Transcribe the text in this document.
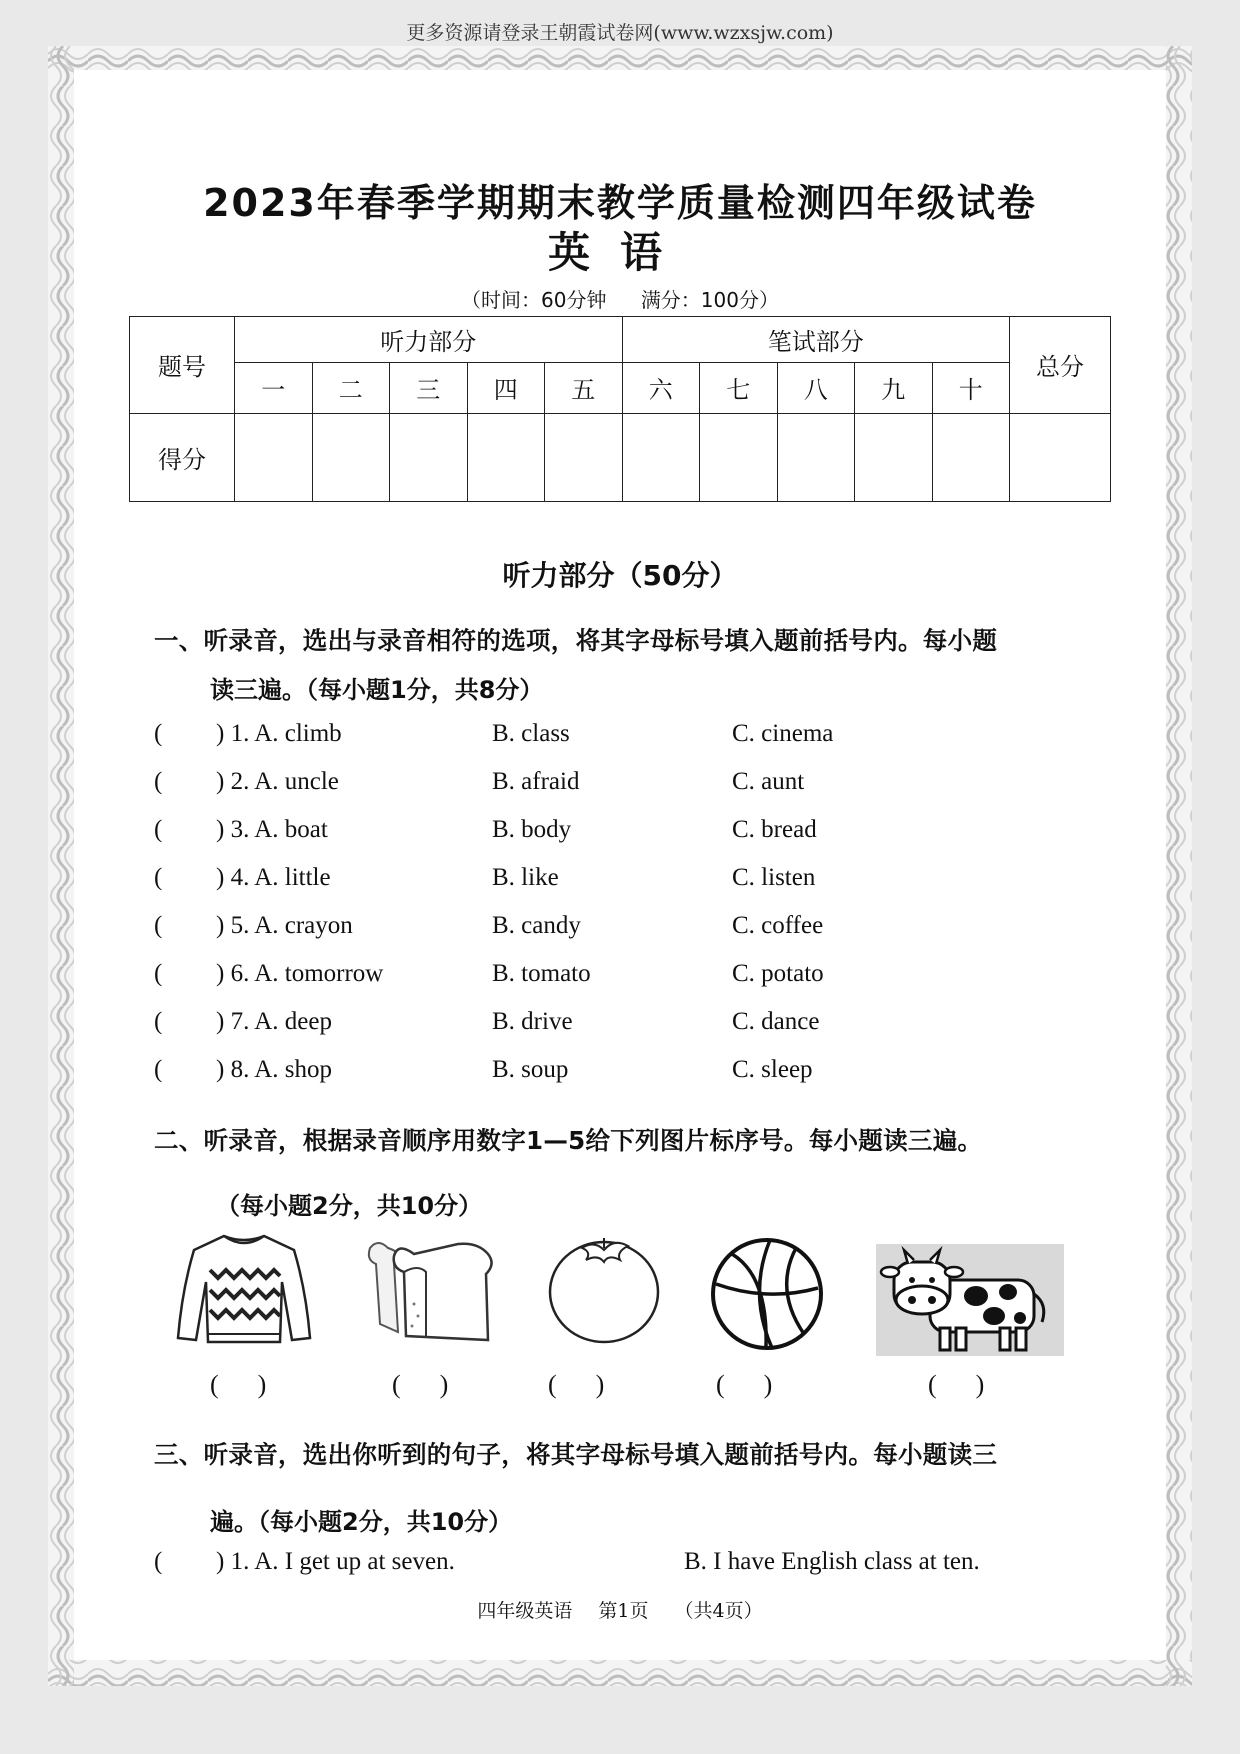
更多资源请登录王朝霞试卷网(www.wzxsjw.com)
2023年春季学期期末教学质量检测四年级试卷
英语
（时间：60分钟 满分：100分）
题号	听力部分					笔试部分					总分
	一	二	三	四	五	六	七	八	九	十	
得分											
听力部分（50分）
一、听录音，选出与录音相符的选项，将其字母标号填入题前括号内。每小题
读三遍。（每小题1分，共8分）
( ) 1. A. climb	B. class	C. cinema
( ) 2. A. uncle	B. afraid	C. aunt
( ) 3. A. boat	B. body	C. bread
( ) 4. A. little	B. like	C. listen
( ) 5. A. crayon	B. candy	C. coffee
( ) 6. A. tomorrow	B. tomato	C. potato
( ) 7. A. deep	B. drive	C. dance
( ) 8. A. shop	B. soup	C. sleep
二、听录音，根据录音顺序用数字1—5给下列图片标序号。每小题读三遍。
（每小题2分，共10分）
(      )	(      )	(      )	(      )	(      )
三、听录音，选出你听到的句子，将其字母标号填入题前括号内。每小题读三
遍。（每小题2分，共10分）
( ) 1. A. I get up at seven.	B. I have English class at ten.
四年级英语 第1页 （共4页）
